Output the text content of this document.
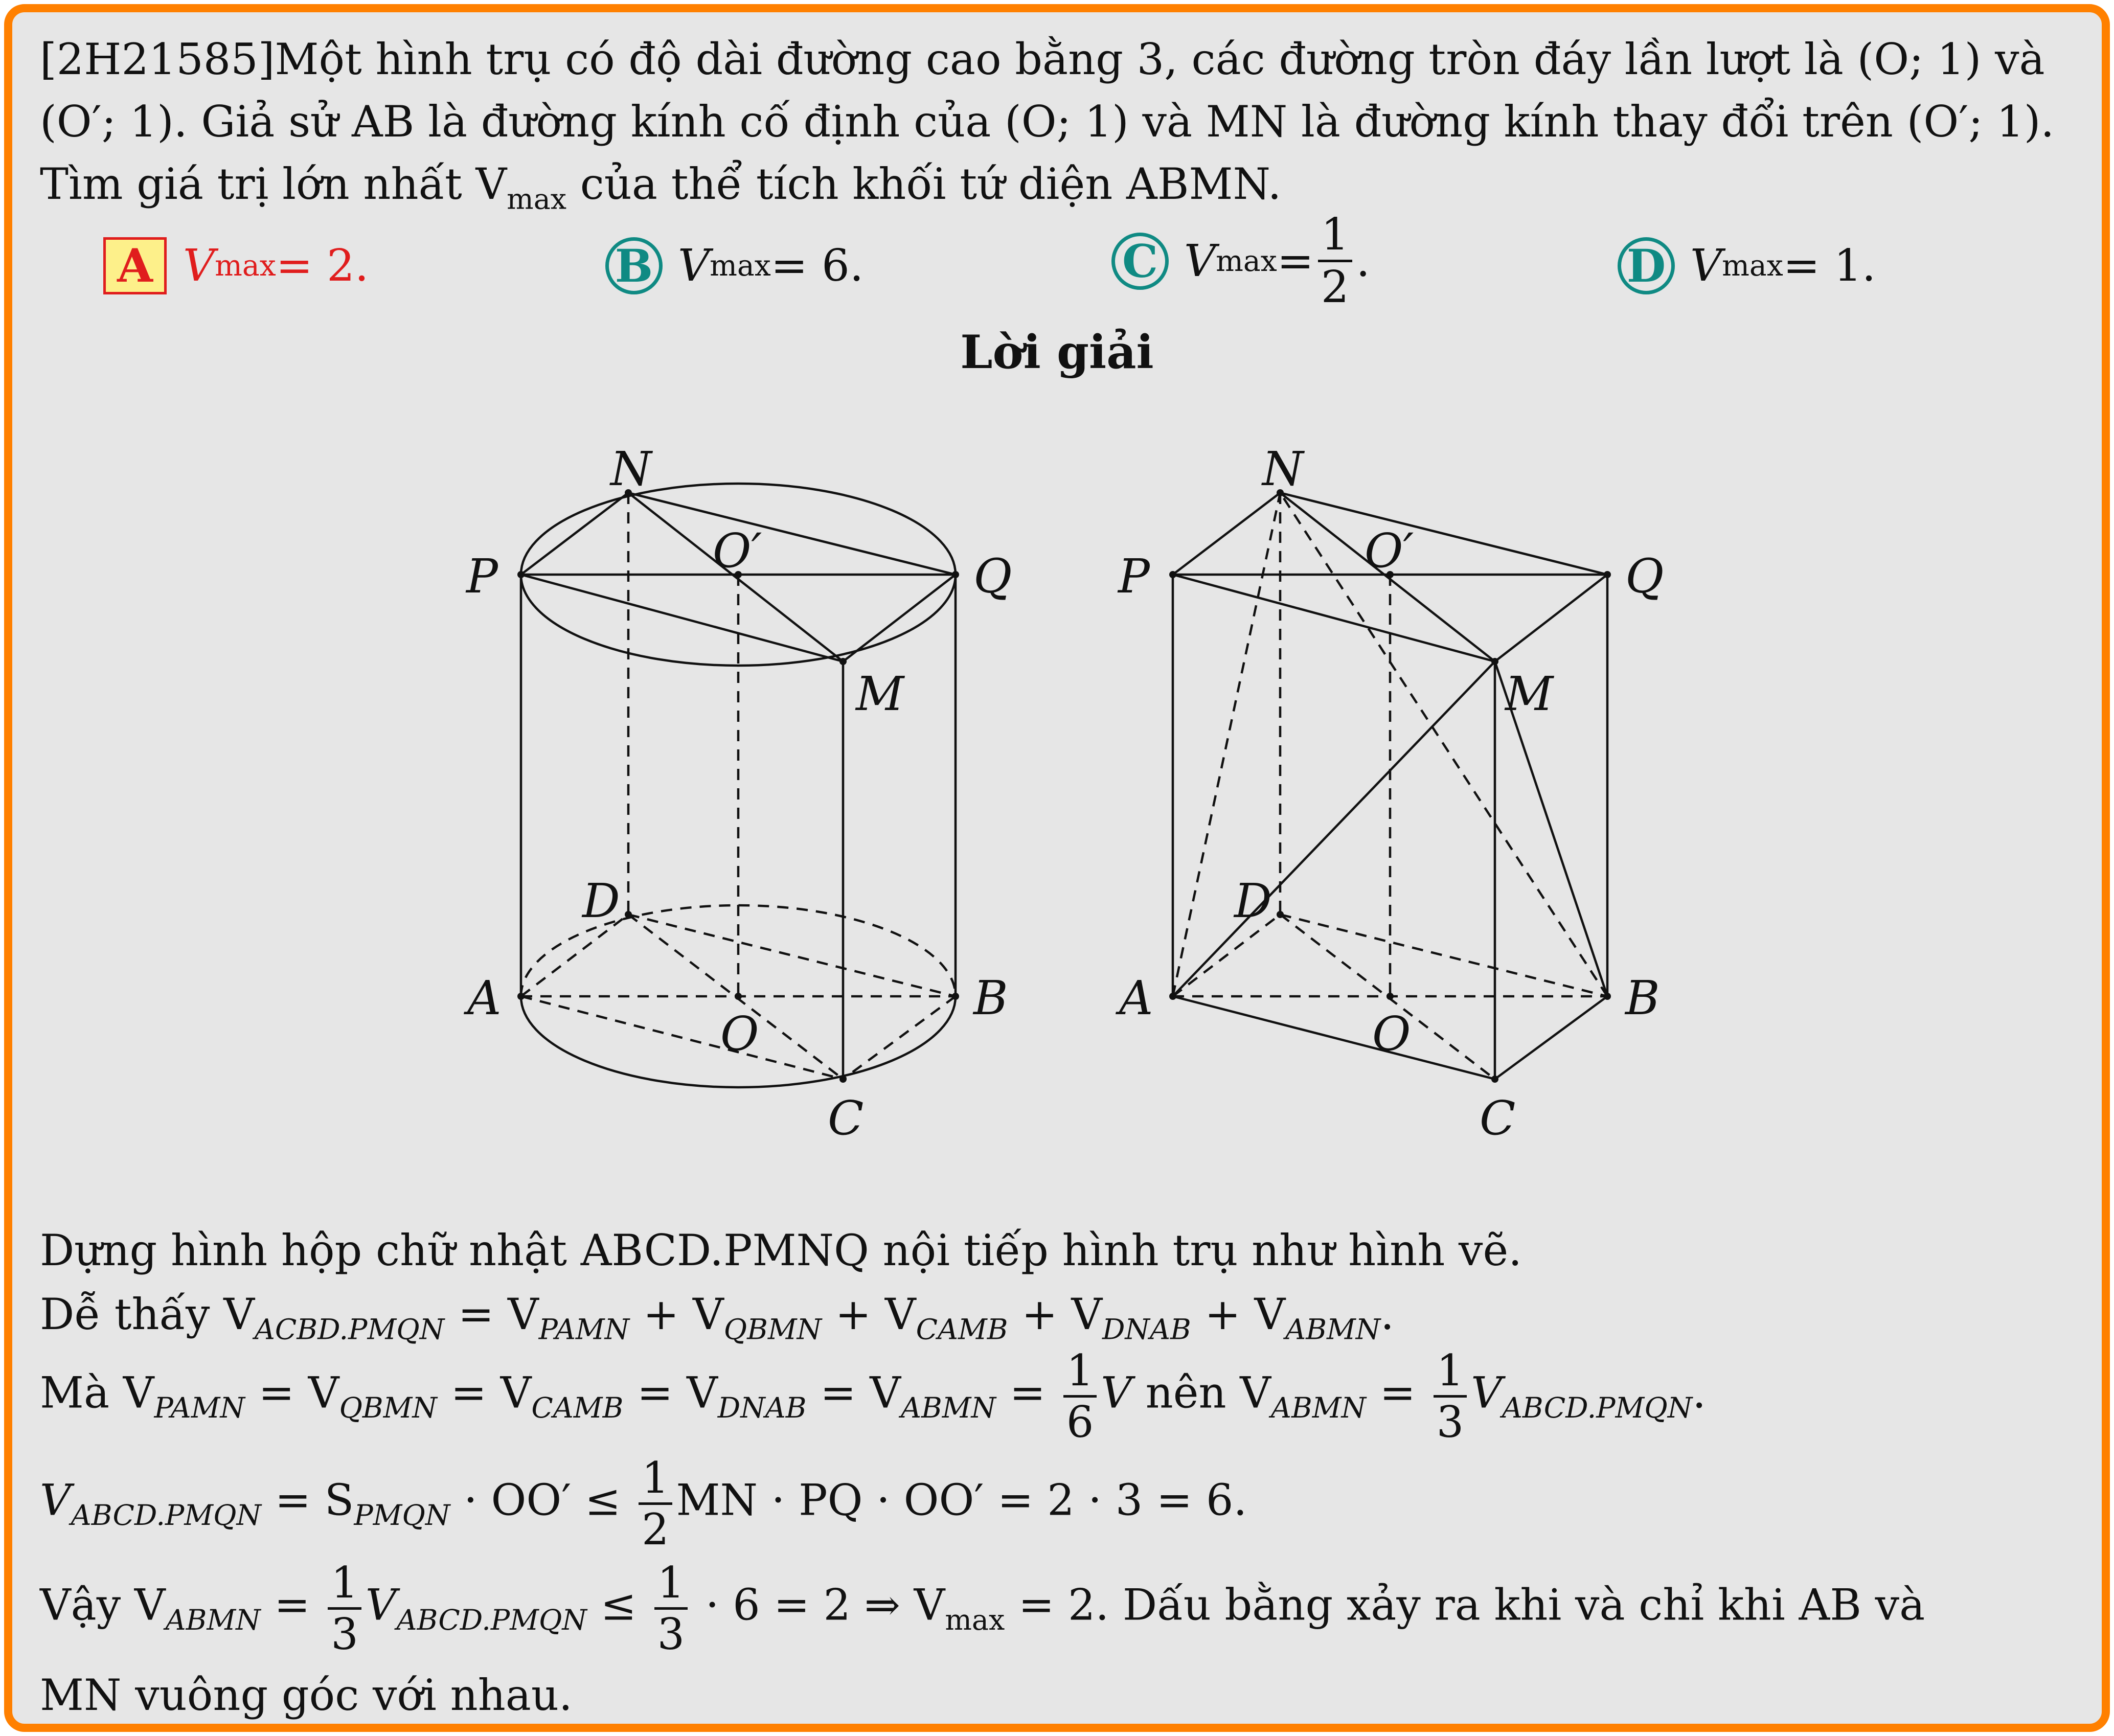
[2H21585]Một hình trụ có độ dài đường cao bằng 3, các đường tròn đáy lần lượt là (O; 1) và
(O′; 1). Giả sử AB là đường kính cố định của (O; 1) và MN là đường kính thay đổi trên (O′; 1).
Tìm giá trị lớn nhất $V_{max}$ của thể tích khối tứ diện ABMN.
A V max = 2.	B V max = 6.	C V $\max = \frac{1}{2}$ .	D V max = 1.
Lời giải
N
P	Q
M
O′
D
A	B
O
C
N
P	Q
M
O′
D
A	B
O
C
Dựng hình hộp chữ nhật ABCD.PMNQ nội tiếp hình trụ như hình vẽ.
Dễ thấy $V_{ACBD.PMQN} = V_{PAMN} + V_{QBMN} + V_{CAMB} + V_{DNAB} + V_{ABMN}$.
Mà $V_{PAMN} = V_{QBMN} = V_{CAMB} = V_{DNAB} = V_{ABMN} = \frac{1}{6}$ V nên $V_{ABMN} = \frac{1}{3} V_{ABCD.PMQN}$.
$V_{ABCD.PMQN} = S_{PMQN} \cdot OO' \le \frac{1}{2}$ MN · PQ · OO′ = 2 · 3 = 6.
Vậy $V_{ABMN} = \frac{1}{3} V_{ABCD.PMQN} \le \frac{1}{3} \cdot 6 = 2$ ⇒ $V_{max} = 2$. Dấu bằng xảy ra khi và chỉ khi AB và
MN vuông góc với nhau.
